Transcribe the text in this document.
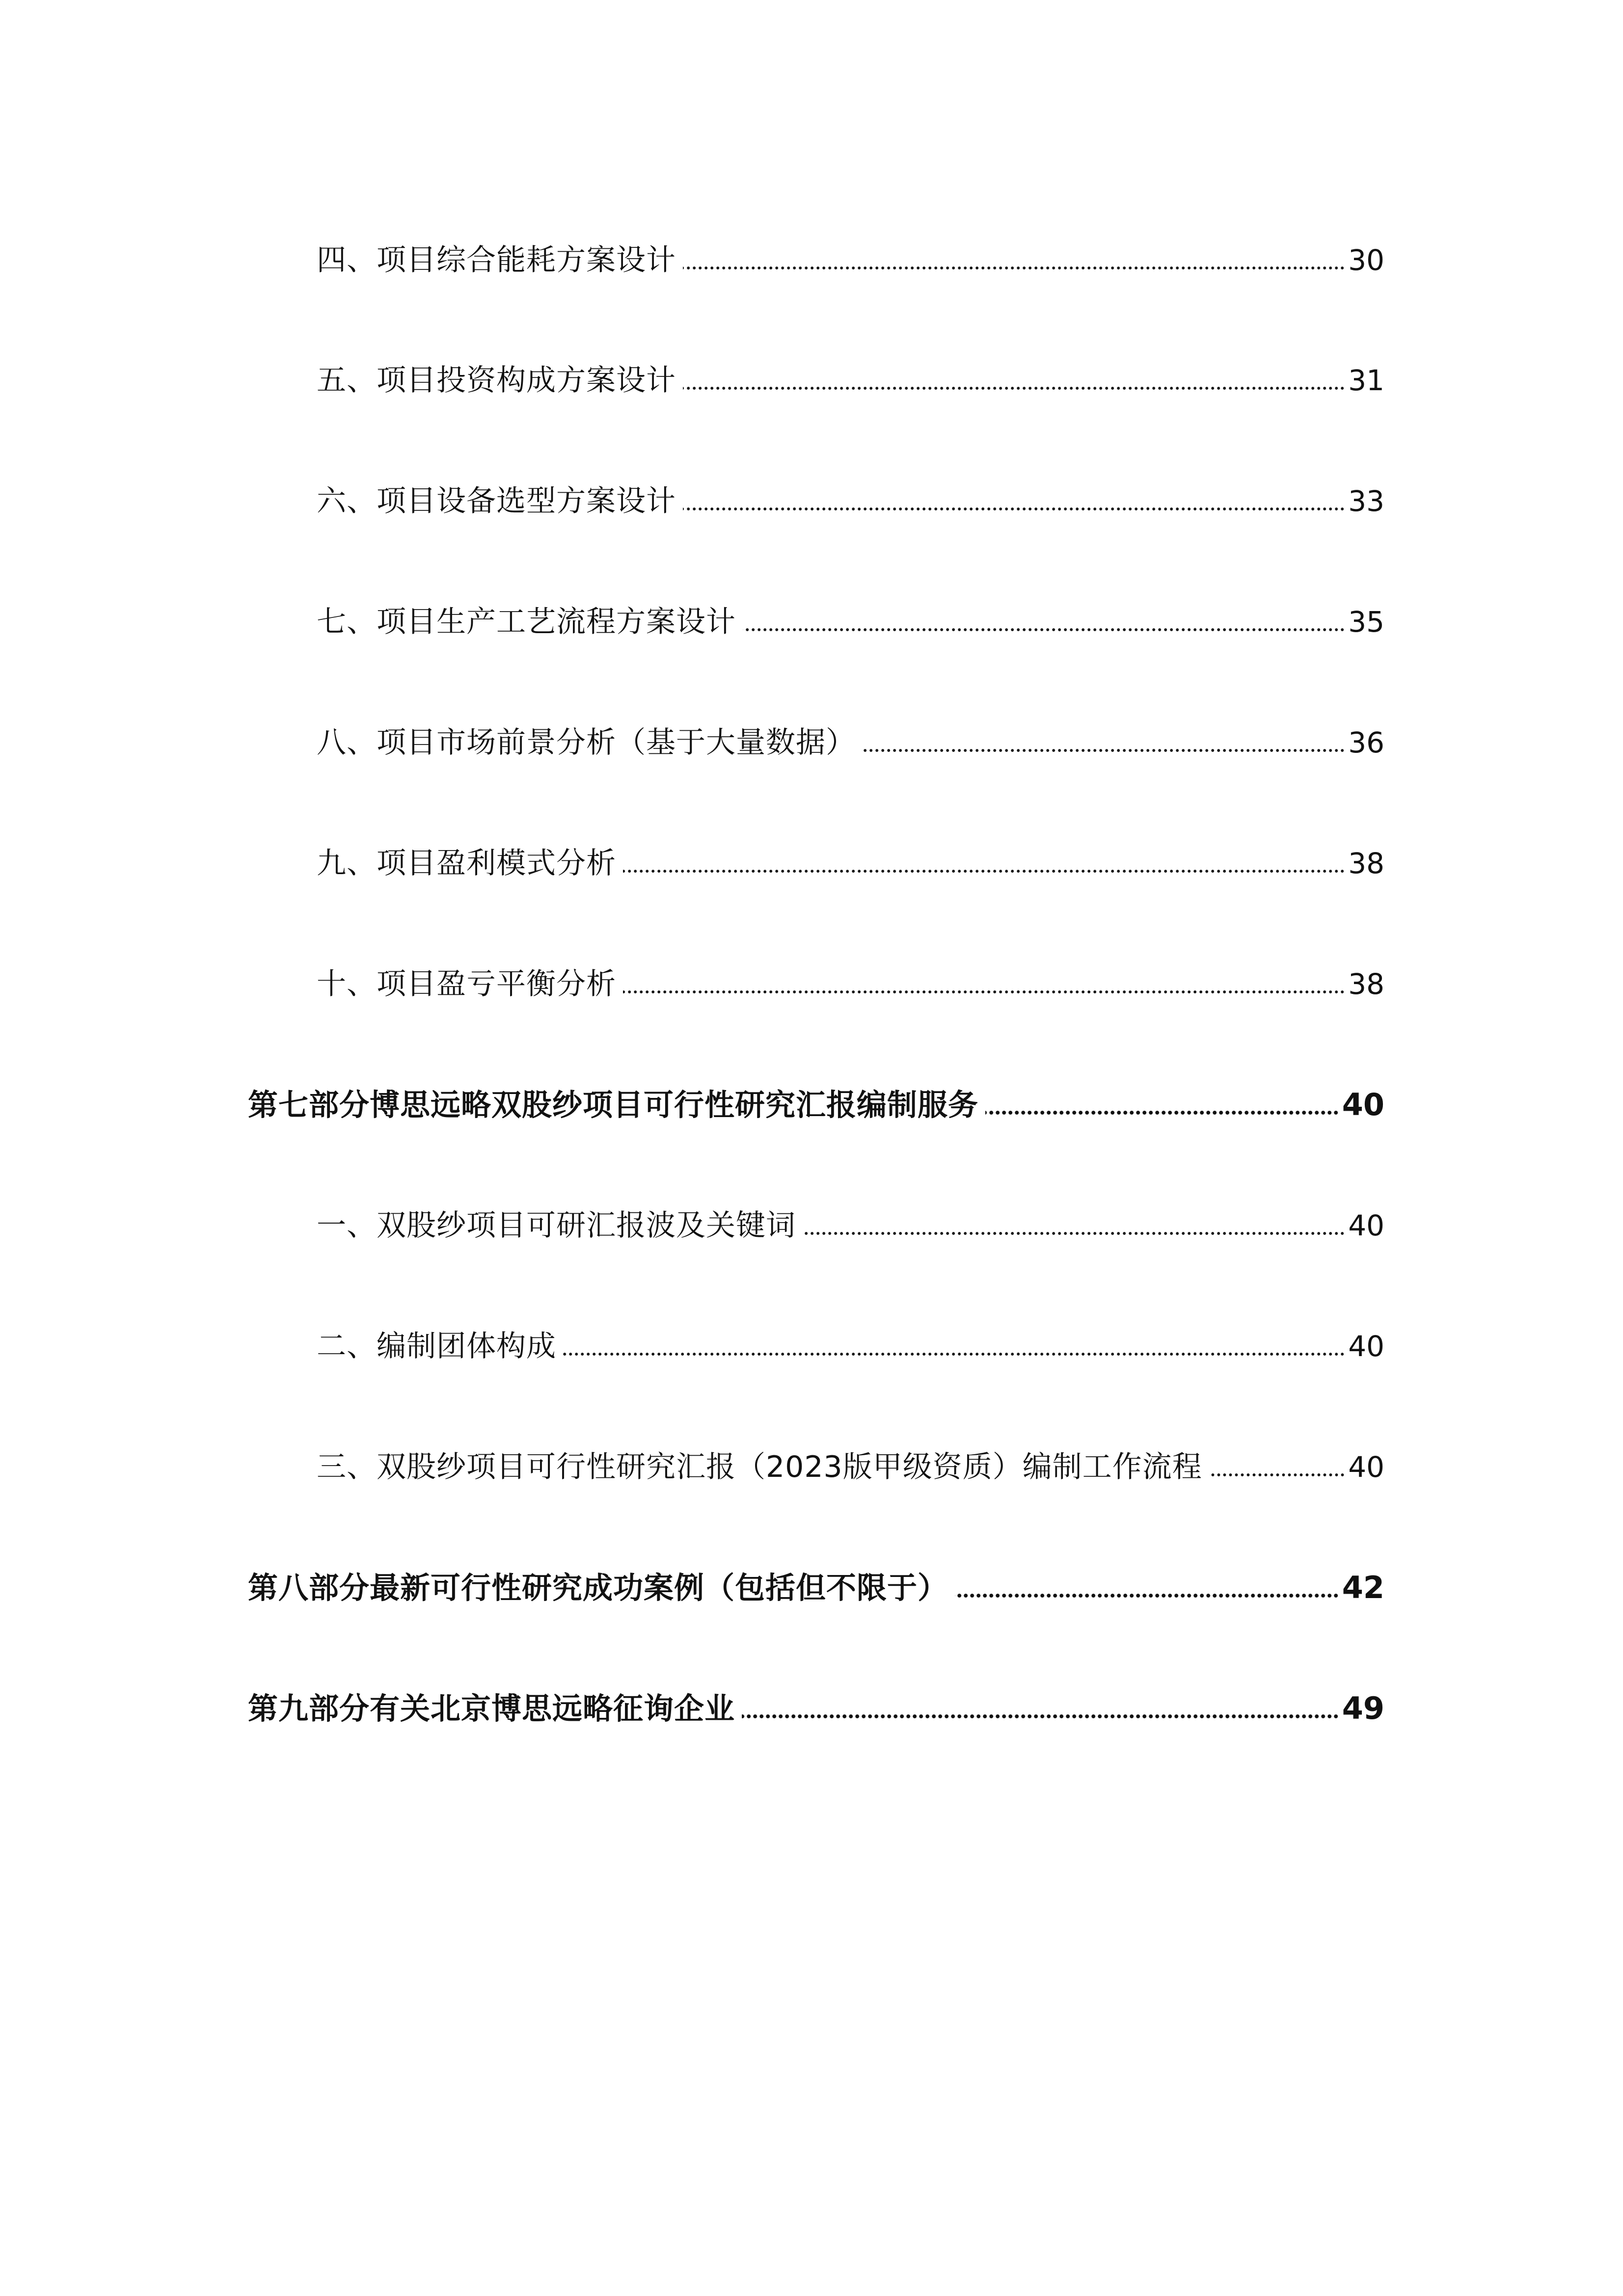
四、项目综合能耗方案设计	30
五、项目投资构成方案设计	31
六、项目设备选型方案设计	33
七、项目生产工艺流程方案设计	35
八、项目市场前景分析（基于大量数据）	36
九、项目盈利模式分析	38
十、项目盈亏平衡分析	38
第七部分博思远略双股纱项目可行性研究汇报编制服务	40
一、双股纱项目可研汇报波及关键词	40
二、编制团体构成	40
三、双股纱项目可行性研究汇报（2023版甲级资质）编制工作流程	40
第八部分最新可行性研究成功案例（包括但不限于）	42
第九部分有关北京博思远略征询企业	49
